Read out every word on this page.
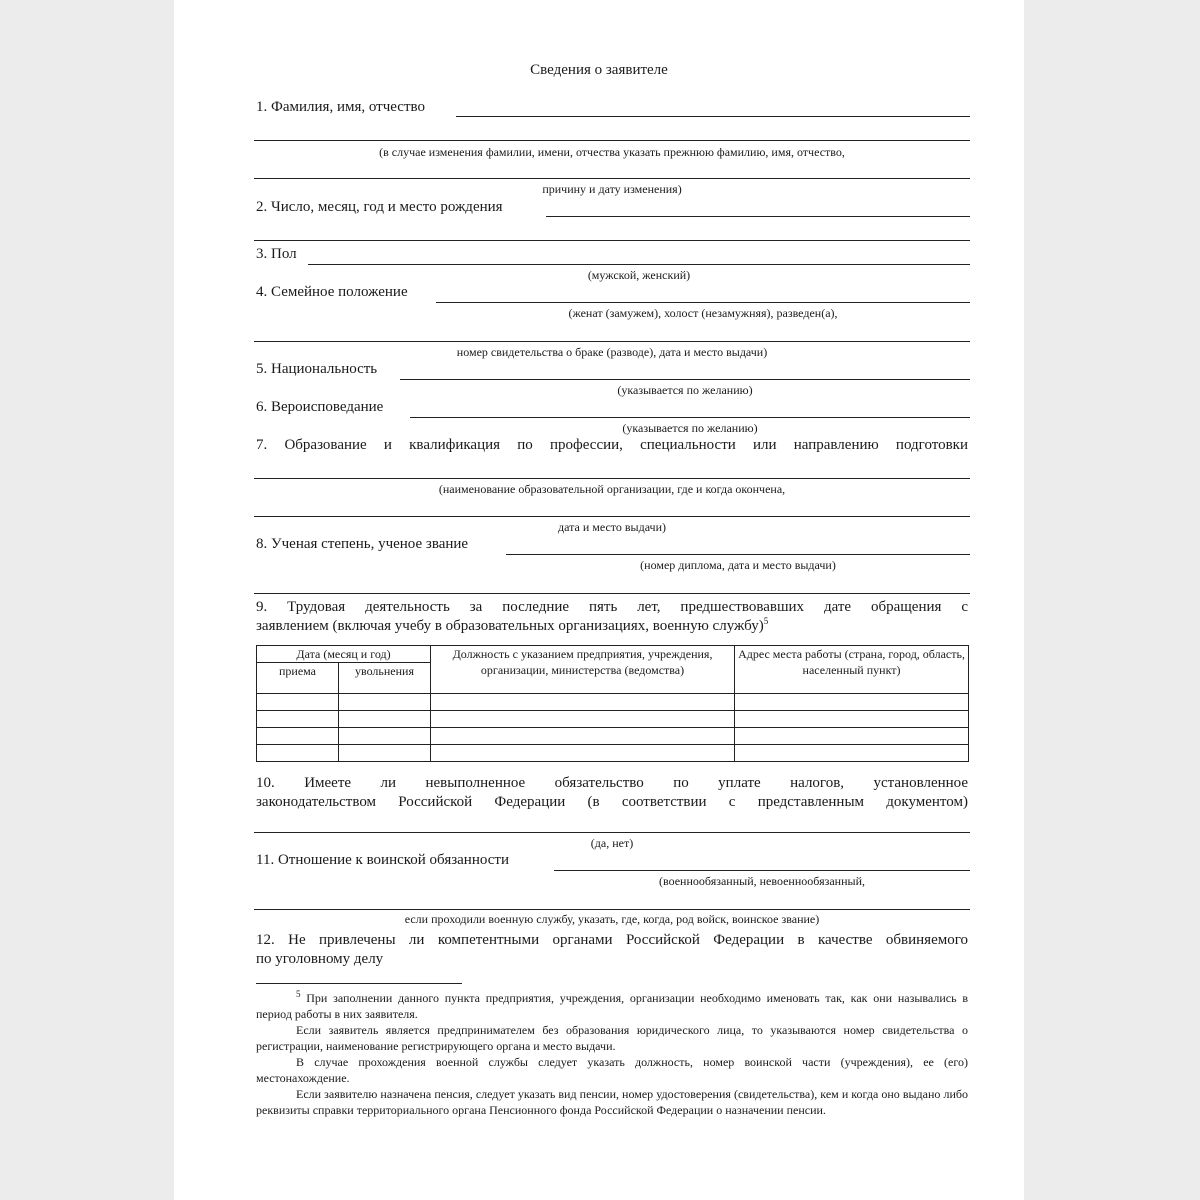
Сведения о заявителе
1. Фамилия, имя, отчество
(в случае изменения фамилии, имени, отчества указать прежнюю фамилию, имя, отчество,
причину и дату изменения)
2. Число, месяц, год и место рождения
3. Пол
(мужской, женский)
4. Семейное положение
(женат (замужем), холост (незамужняя), разведен(а),
номер свидетельства о браке (разводе), дата и место выдачи)
5. Национальность
(указывается по желанию)
6. Вероисповедание
(указывается по желанию)
7. Образование и квалификация по профессии, специальности или направлению подготовки
(наименование образовательной организации, где и когда окончена,
дата и место выдачи)
8. Ученая степень, ученое звание
(номер диплома, дата и место выдачи)
9. Трудовая деятельность за последние пять лет, предшествовавших дате обращения с
заявлением (включая учебу в образовательных организациях, военную службу)$^5$
Дата (месяц и год)		Должность с указанием предприятия, учреждения, организации, министерства (ведомства)	Адрес места работы (страна, город, область, населенный пункт)
приема	увольнения		

10. Имеете ли невыполненное обязательство по уплате налогов, установленное
законодательством Российской Федерации (в соответствии с представленным документом)
(да, нет)
11. Отношение к воинской обязанности
(военнообязанный, невоеннообязанный,
если проходили военную службу, указать, где, когда, род войск, воинское звание)
12. Не привлечены ли компетентными органами Российской Федерации в качестве обвиняемого
по уголовному делу

$^5$ При заполнении данного пункта предприятия, учреждения, организации необходимо именовать так, как они назывались в период работы в них заявителя.

Если заявитель является предпринимателем без образования юридического лица, то указываются номер свидетельства о регистрации, наименование регистрирующего органа и место выдачи.

В случае прохождения военной службы следует указать должность, номер воинской части (учреждения), ее (его) местонахождение.

Если заявителю назначена пенсия, следует указать вид пенсии, номер удостоверения (свидетельства), кем и когда оно выдано либо реквизиты справки территориального органа Пенсионного фонда Российской Федерации о назначении пенсии.
